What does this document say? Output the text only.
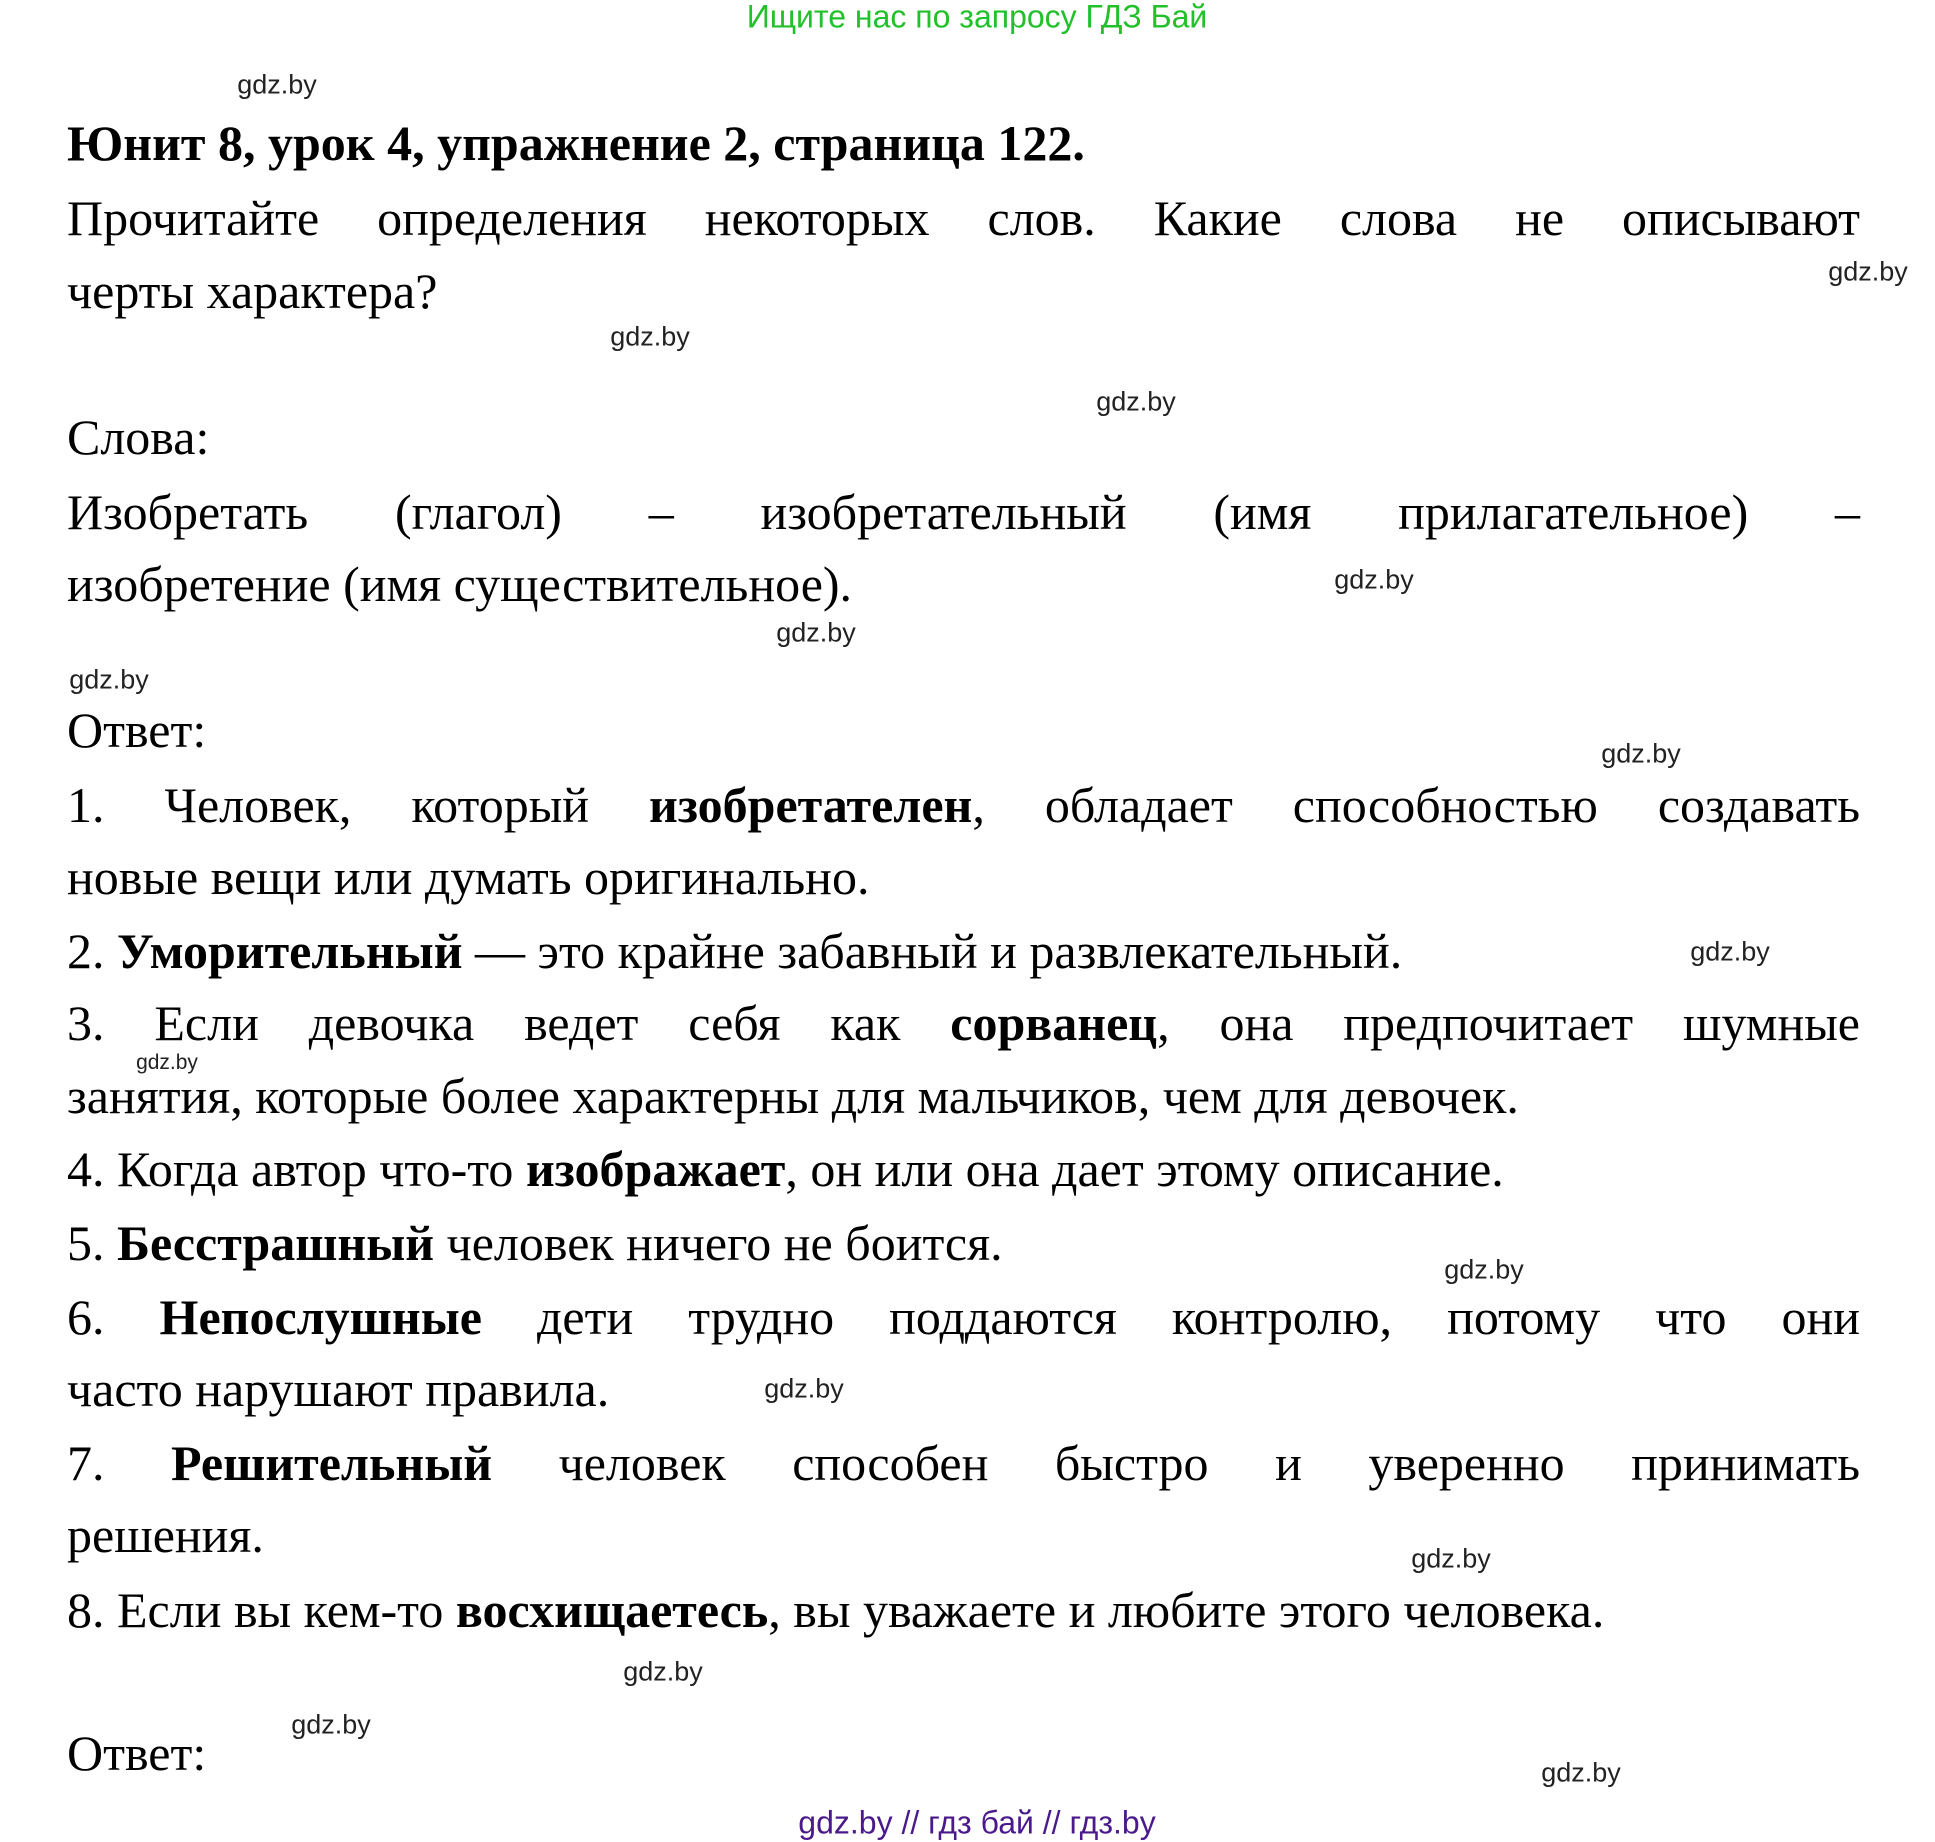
Ищите нас по запросу ГДЗ Бай
Юнит 8, урок 4, упражнение 2, страница 122.
Прочитайте определения некоторых слов. Какие слова не описывают
черты характера?
Слова:
Изобретать (глагол) – изобретательный (имя прилагательное) –
изобретение (имя существительное).
Ответ:
1. Человек, который изобретателен, обладает способностью создавать
новые вещи или думать оригинально.
2. Уморительный — это крайне забавный и развлекательный.
3. Если девочка ведет себя как сорванец, она предпочитает шумные
занятия, которые более характерны для мальчиков, чем для девочек.
4. Когда автор что-то изображает, он или она дает этому описание.
5. Бесстрашный человек ничего не боится.
6. Непослушные дети трудно поддаются контролю, потому что они
часто нарушают правила.
7. Решительный человек способен быстро и уверенно принимать
решения.
8. Если вы кем-то восхищаетесь, вы уважаете и любите этого человека.
Ответ:
gdz.by
gdz.by
gdz.by
gdz.by
gdz.by
gdz.by
gdz.by
gdz.by
gdz.by
gdz.by
gdz.by
gdz.by
gdz.by
gdz.by
gdz.by
gdz.by
gdz.by // гдз бай // гдз.by
